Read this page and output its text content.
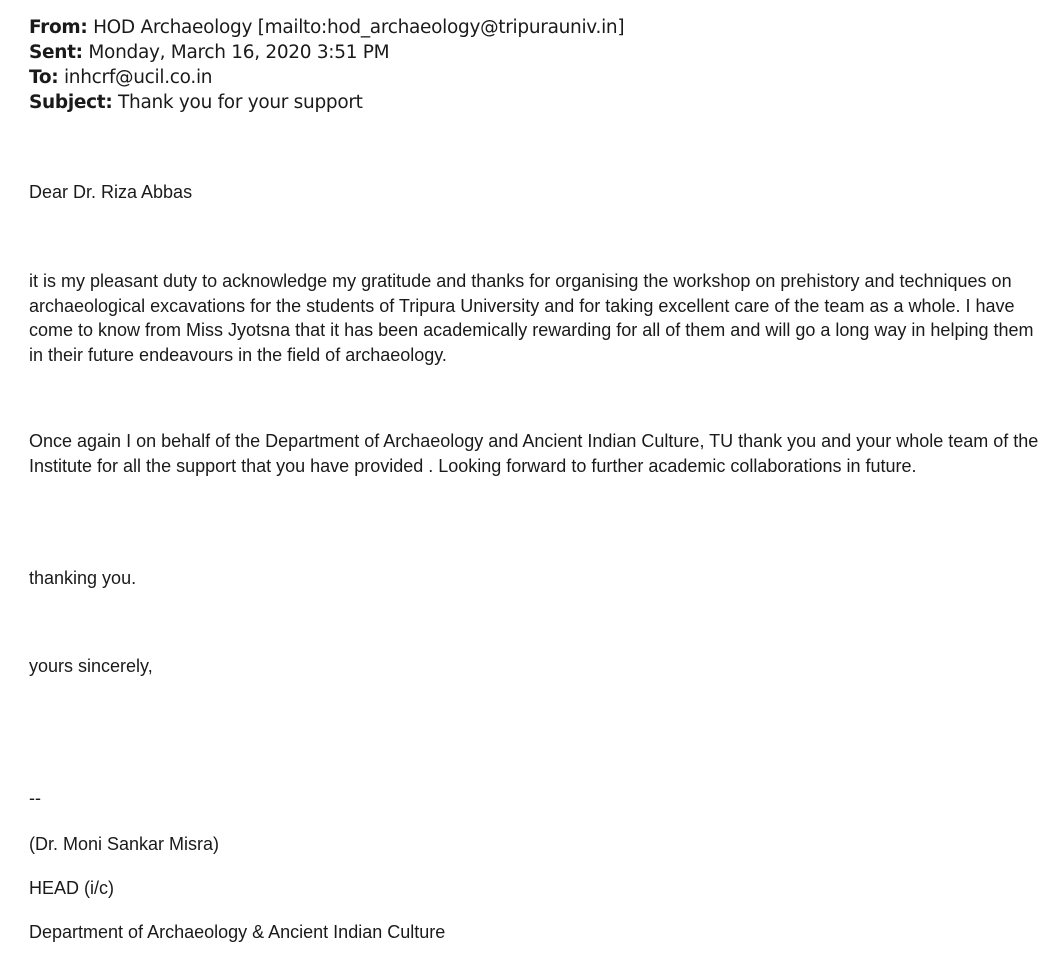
From: HOD Archaeology [mailto:hod_archaeology@tripurauniv.in]
Sent: Monday, March 16, 2020 3:51 PM
To: inhcrf@ucil.co.in
Subject: Thank you for your support

Dear Dr. Riza Abbas

it is my pleasant duty to acknowledge my gratitude and thanks for organising the workshop on prehistory and techniques on archaeological excavations for the students of Tripura University and for taking excellent care of the team as a whole. I have come to know from Miss Jyotsna that it has been academically rewarding for all of them and will go a long way in helping them in their future endeavours in the field of archaeology.

Once again I on behalf of the Department of Archaeology and Ancient Indian Culture, TU thank you and your whole team of the Institute for all the support that you have provided . Looking forward to further academic collaborations in future.

thanking you.

yours sincerely,

--

(Dr. Moni Sankar Misra)

HEAD (i/c)

Department of Archaeology & Ancient Indian Culture
